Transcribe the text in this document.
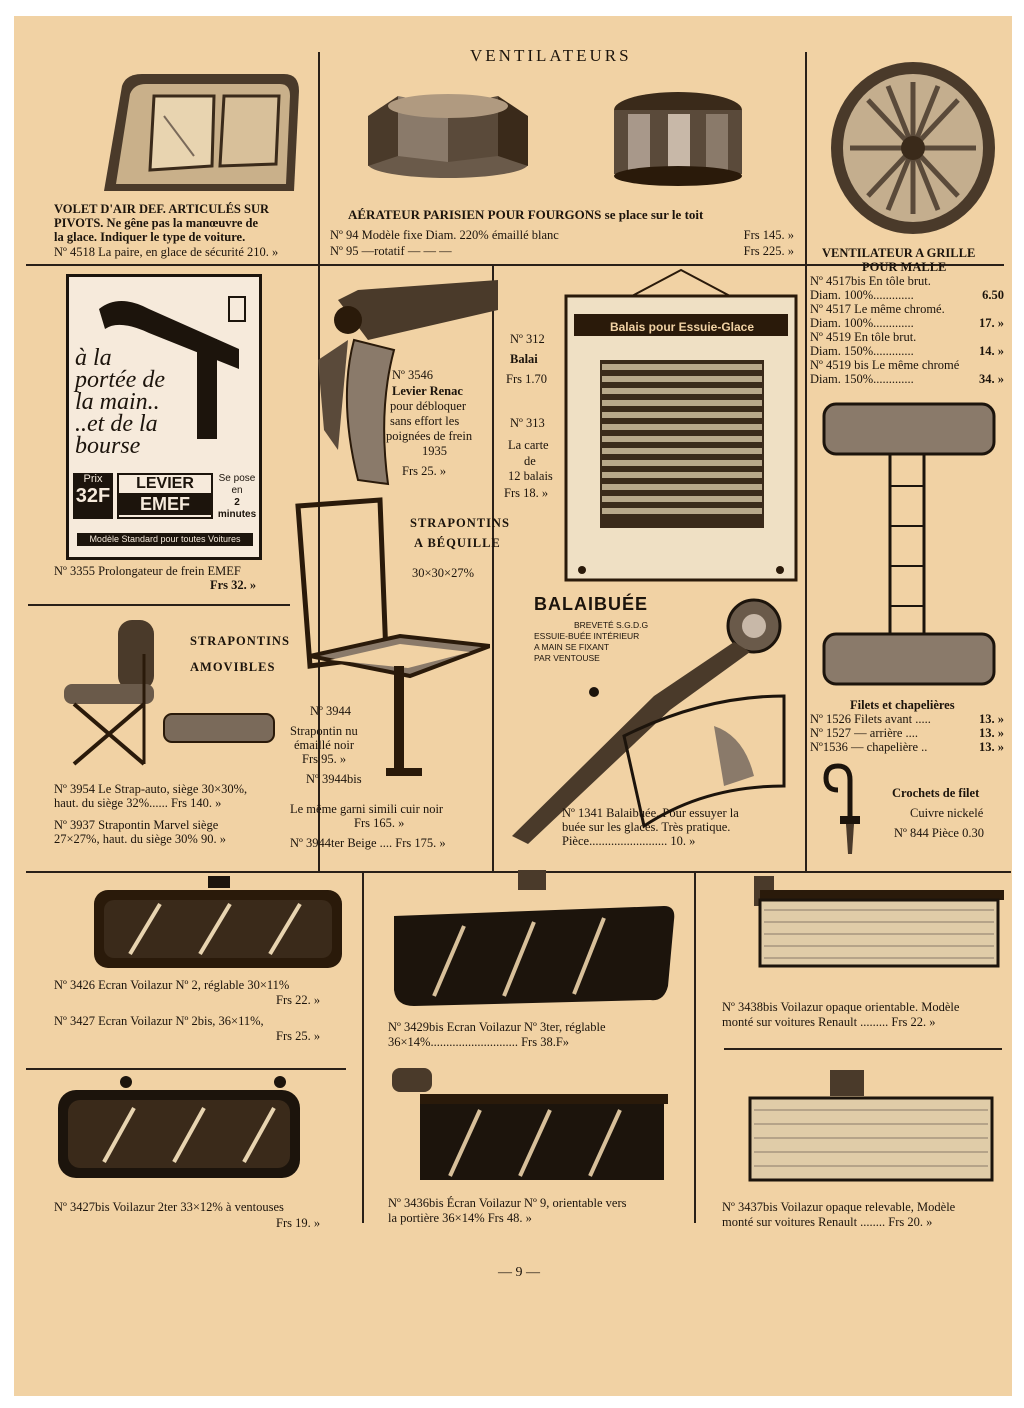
VENTILATEURS
VOLET D'AIR DEF. ARTICULÉS SUR
PIVOTS. Ne gêne pas la manœuvre de
la glace. Indiquer le type de voiture.
Nº 4518 La paire, en glace de sécurité 210. »
AÉRATEUR PARISIEN POUR FOURGONS se place sur le toit
Nº 94 Modèle fixe Diam. 220% émaillé blanc	Frs 145. »
Nº 95 —rotatif — — —	Frs 225. » VENTILATEUR A GRILLE
POUR MALLE
Nº 4517bis En tôle brut.
Diam. 100%.............	6.50
Nº 4517 Le même chromé.
Diam. 100%.............	17. »
Nº 4519 En tôle brut.
Diam. 150%.............	14. »
Nº 4519 bis Le même chromé
Diam. 150%.............	34. »
à la
portée de
la main..
..et de la
bourse
Prix
32F
LEVIER
EMEF
Se pose en
2 minutes
Modèle Standard pour toutes Voitures
Nº 3355 Prolongateur de frein EMEF
Frs 32. »
Nº 3546
Levier Renac
pour débloquer
sans effort les
poignées de frein
1935
Frs 25. »
Nº 312
Balai
Frs 1.70
Nº 313
La carte
de
12 balais
Frs 18. »
Balais pour Essuie-Glace
STRAPONTINS
A BÉQUILLE
30×30×27%
STRAPONTINS
AMOVIBLES
Nº 3954 Le Strap-auto, siège 30×30%,
haut. du siège 32%...... Frs 140. »
Nº 3937 Strapontin Marvel siège
27×27%, haut. du siège 30% 90. »
Nº 3944
Strapontin nu
émaillé noir
Frs 95. »
Nº 3944bis
Le même garni simili cuir noir
Frs 165. »
Nº 3944ter Beige .... Frs 175. »
BALAIBUÉE
BREVETÉ S.G.D.G
ESSUIE-BUÉE INTÉRIEUR
A MAIN SE FIXANT
PAR VENTOUSE
Nº 1341 Balaibuée. Pour essuyer la
buée sur les glaces. Très pratique.
Pièce......................... 10. »
Filets et chapelières
Nº 1526 Filets avant .....	13. »
Nº 1527 — arrière ....	13. »
Nº1536 — chapelière ..	13. »
Crochets de filet
Cuivre nickelé
Nº 844 Pièce 0.30
Nº 3426 Ecran Voilazur Nº 2, réglable 30×11%
Frs 22. »
Nº 3427 Ecran Voilazur Nº 2bis, 36×11%,
Frs 25. »
Nº 3429bis Ecran Voilazur Nº 3ter, réglable
36×14%............................ Frs 38.F»
Nº 3438bis Voilazur opaque orientable. Modèle
monté sur voitures Renault ......... Frs 22. »
Nº 3427bis Voilazur 2ter 33×12% à ventouses
Frs 19. »
Nº 3436bis Écran Voilazur Nº 9, orientable vers
la portière 36×14% Frs 48. »
Nº 3437bis Voilazur opaque relevable, Modèle
monté sur voitures Renault ........ Frs 20. »
— 9 —
